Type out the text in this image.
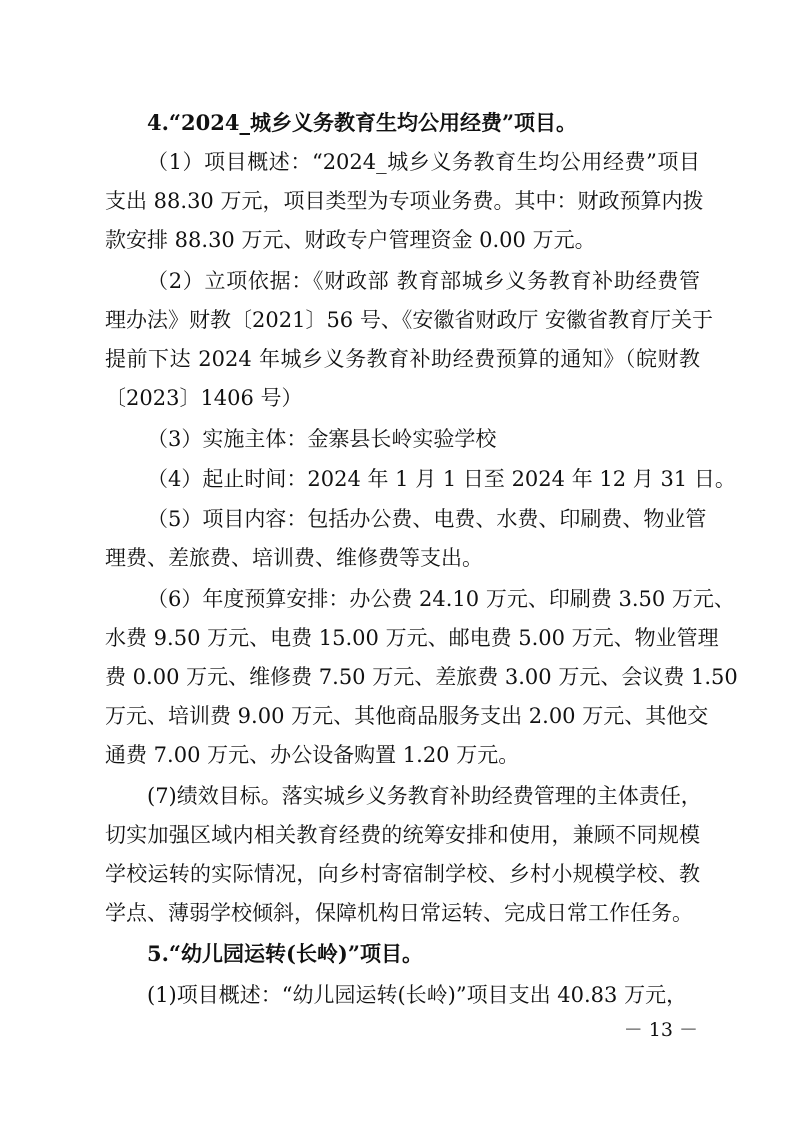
4.“2024_城乡义务教育生均公用经费”项目。
（1）项目概述：“2024_城乡义务教育生均公用经费”项目
支出 88.30 万元，项目类型为专项业务费。其中：财政预算内拨
款安排 88.30 万元、财政专户管理资金 0.00 万元。
（2）立项依据：《财政部 教育部城乡义务教育补助经费管
理办法》财教〔2021〕56 号、《安徽省财政厅 安徽省教育厅关于
提前下达 2024 年城乡义务教育补助经费预算的通知》（皖财教
〔2023〕1406 号）
（3）实施主体：金寨县长岭实验学校
（4）起止时间：2024 年 1 月 1 日至 2024 年 12 月 31 日。
（5）项目内容：包括办公费、电费、水费、印刷费、物业管
理费、差旅费、培训费、维修费等支出。
（6）年度预算安排：办公费 24.10 万元、印刷费 3.50 万元、
水费 9.50 万元、电费 15.00 万元、邮电费 5.00 万元、物业管理
费 0.00 万元、维修费 7.50 万元、差旅费 3.00 万元、会议费 1.50
万元、培训费 9.00 万元、其他商品服务支出 2.00 万元、其他交
通费 7.00 万元、办公设备购置 1.20 万元。
(7)绩效目标。落实城乡义务教育补助经费管理的主体责任，
切实加强区域内相关教育经费的统筹安排和使用，兼顾不同规模
学校运转的实际情况，向乡村寄宿制学校、乡村小规模学校、教
学点、薄弱学校倾斜，保障机构日常运转、完成日常工作任务。
5.“幼儿园运转(长岭)”项目。
(1)项目概述：“幼儿园运转(长岭)”项目支出 40.83 万元，
－ 13 －
